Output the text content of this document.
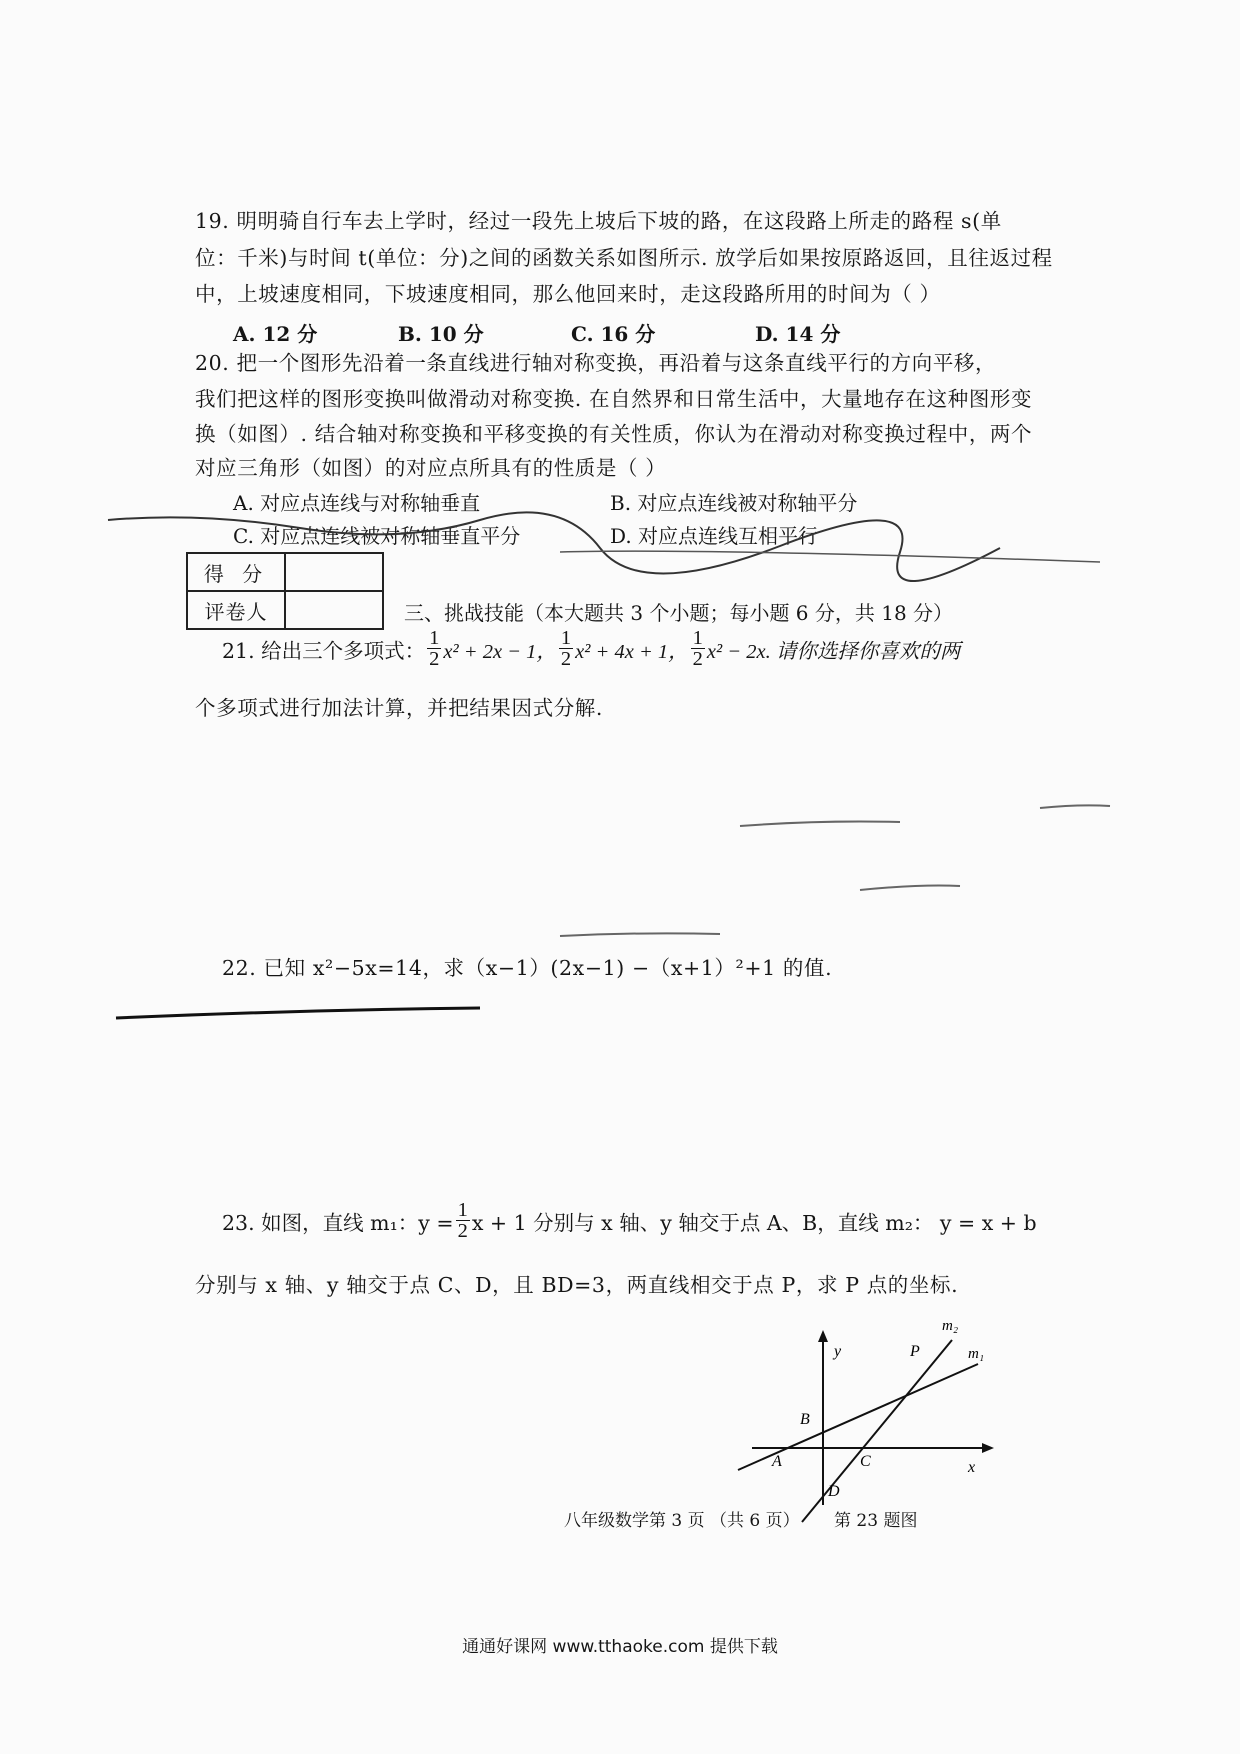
19. 明明骑自行车去上学时，经过一段先上坡后下坡的路，在这段路上所走的路程 s(单
位：千米)与时间 t(单位：分)之间的函数关系如图所示. 放学后如果按原路返回，且往返过程
中，上坡速度相同，下坡速度相同，那么他回来时，走这段路所用的时间为（ ）
A. 12 分	B. 10 分	C. 16 分	D. 14 分
20. 把一个图形先沿着一条直线进行轴对称变换，再沿着与这条直线平行的方向平移，
我们把这样的图形变换叫做滑动对称变换. 在自然界和日常生活中，大量地存在这种图形变
换（如图）. 结合轴对称变换和平移变换的有关性质，你认为在滑动对称变换过程中，两个
对应三角形（如图）的对应点所具有的性质是（ ）
A. 对应点连线与对称轴垂直	B. 对应点连线被对称轴平分
C. 对应点连线被对称轴垂直平分	D. 对应点连线互相平行
得 分	
评卷人		三、挑战技能（本大题共 3 个小题；每小题 6 分，共 18 分）
21. 给出三个多项式： $\frac{1}{2} x^2 + 2x - 1$， $\frac{1}{2} x^2 + 4x + 1$， $\frac{1}{2} x^2 - 2x$. 请你选择你喜欢的两
个多项式进行加法计算，并把结果因式分解.
22. 已知 x²−5x=14，求（x−1）(2x−1) −（x+1）²+1 的值.
23. 如图，直线 m₁：$y = \frac{1}{2}$ x + 1 分别与 x 轴、y 轴交于点 A、B，直线 m₂： y = x + b
分别与 x 轴、y 轴交于点 C、D，且 BD=3，两直线相交于点 P，求 P 点的坐标.
m₂
m₁
y
x
P
B
A	C
D
八年级数学第 3 页 （共 6 页） 第 23 题图
通通好课网 www.tthaoke.com 提供下载
